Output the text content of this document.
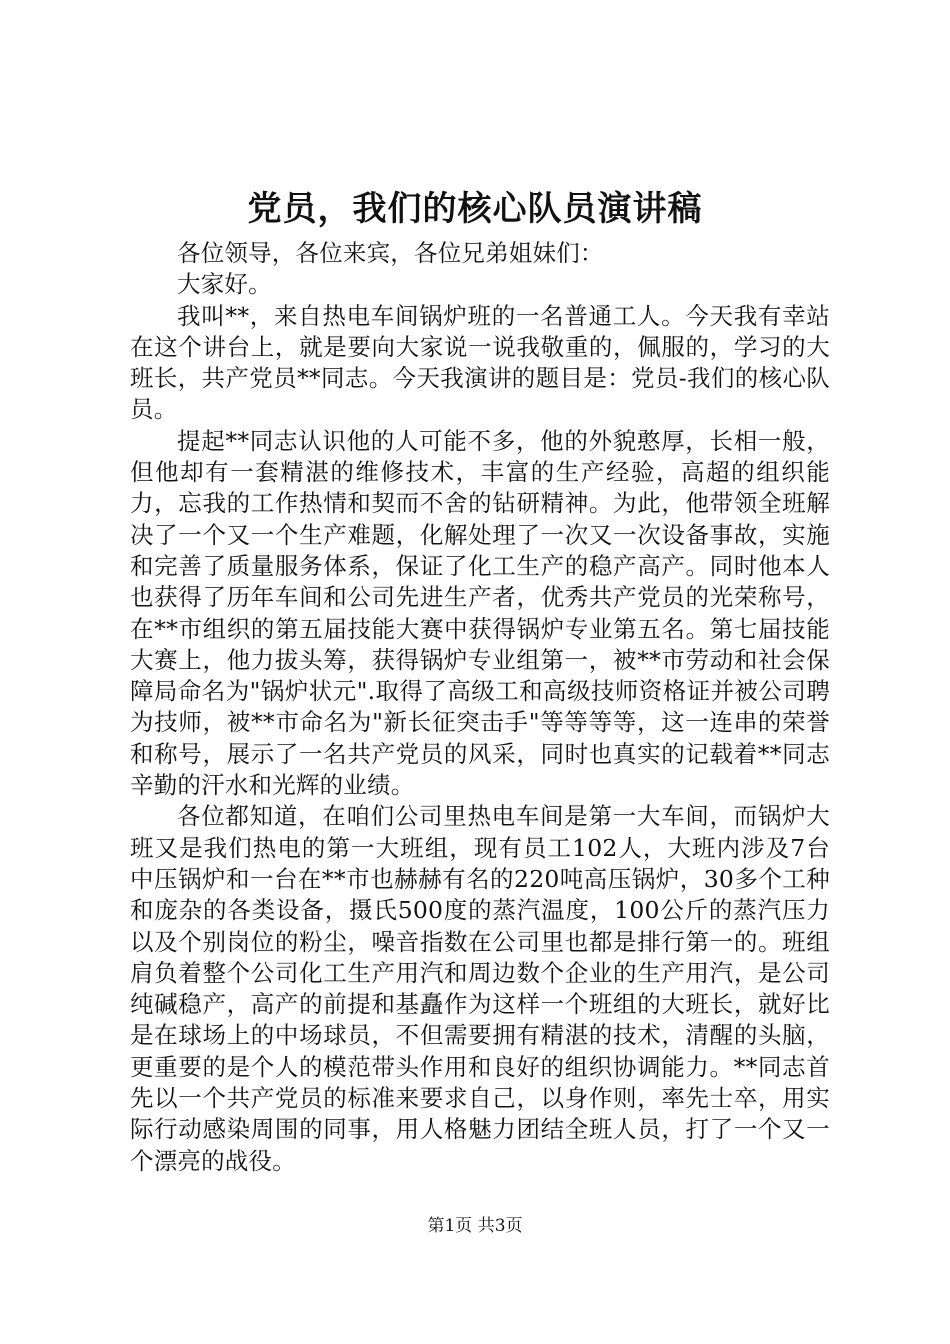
党员，我们的核心队员演讲稿

各位领导，各位来宾，各位兄弟姐妹们：

大家好。

我叫**，来自热电车间锅炉班的一名普通工人。今天我有幸站在这个讲台上，就是要向大家说一说我敬重的，佩服的，学习的大班长，共产党员**同志。今天我演讲的题目是：党员-我们的核心队员。

提起**同志认识他的人可能不多，他的外貌憨厚，长相一般，但他却有一套精湛的维修技术，丰富的生产经验，高超的组织能力，忘我的工作热情和契而不舍的钻研精神。为此，他带领全班解决了一个又一个生产难题，化解处理了一次又一次设备事故，实施和完善了质量服务体系，保证了化工生产的稳产高产。同时他本人也获得了历年车间和公司先进生产者，优秀共产党员的光荣称号，在**市组织的第五届技能大赛中获得锅炉专业第五名。第七届技能大赛上，他力拔头筹，获得锅炉专业组第一，被**市劳动和社会保障局命名为"锅炉状元".取得了高级工和高级技师资格证并被公司聘为技师，被**市命名为"新长征突击手"等等等等，这一连串的荣誉和称号，展示了一名共产党员的风采，同时也真实的记载着**同志辛勤的汗水和光辉的业绩。

各位都知道，在咱们公司里热电车间是第一大车间，而锅炉大班又是我们热电的第一大班组，现有员工102人，大班内涉及7台中压锅炉和一台在**市也赫赫有名的220吨高压锅炉，30多个工种和庞杂的各类设备，摄氏500度的蒸汽温度，100公斤的蒸汽压力以及个别岗位的粉尘，噪音指数在公司里也都是排行第一的。班组肩负着整个公司化工生产用汽和周边数个企业的生产用汽，是公司纯碱稳产，高产的前提和基矗作为这样一个班组的大班长，就好比是在球场上的中场球员，不但需要拥有精湛的技术，清醒的头脑，更重要的是个人的模范带头作用和良好的组织协调能力。**同志首先以一个共产党员的标准来要求自己，以身作则，率先士卒，用实际行动感染周围的同事，用人格魅力团结全班人员，打了一个又一个漂亮的战役。

第1页 共3页
